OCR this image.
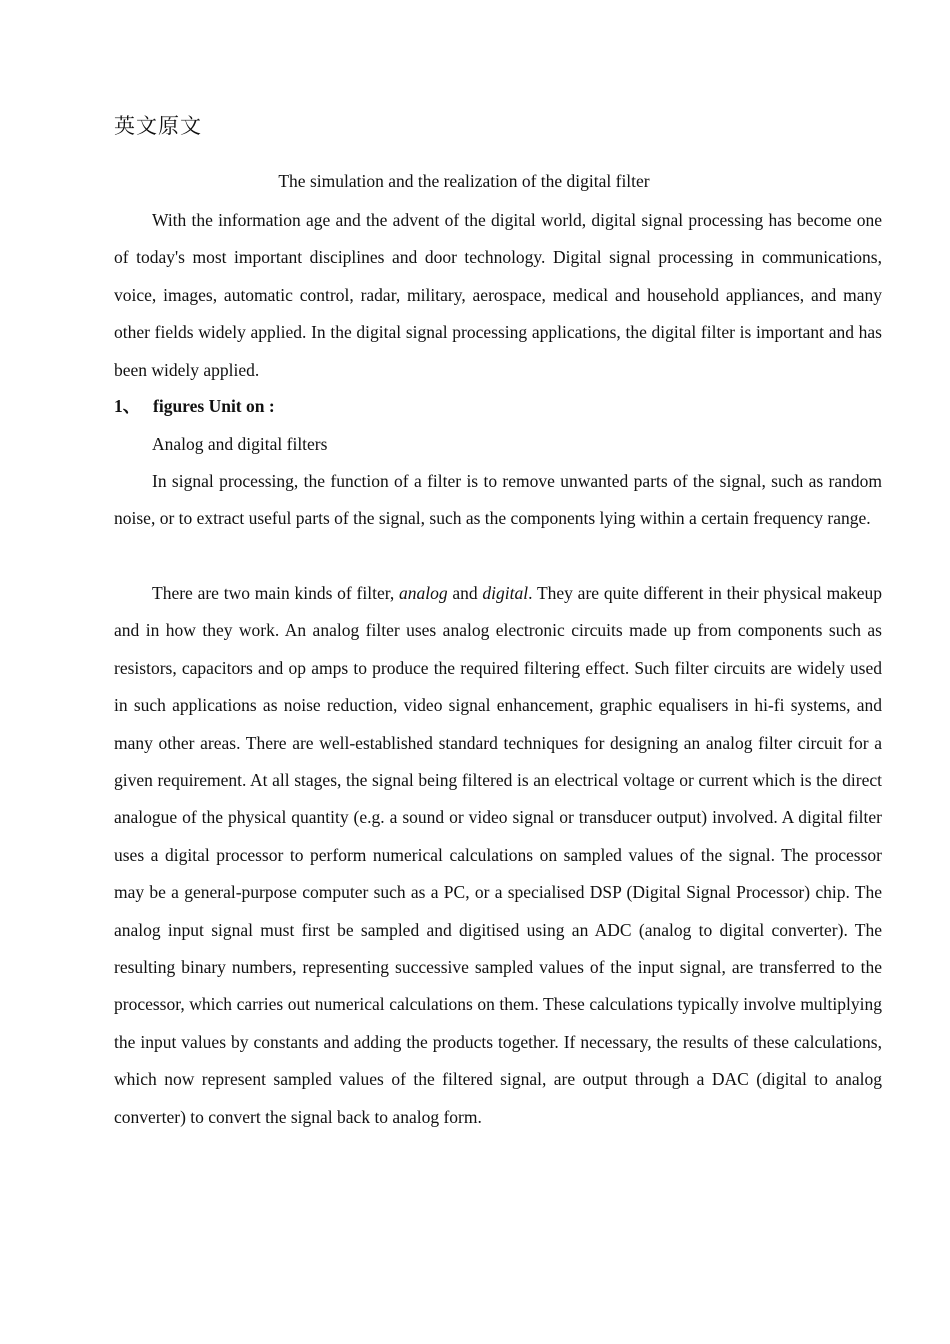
英文原文
The simulation and the realization of the digital filter

With the information age and the advent of the digital world, digital signal processing has become one of today's most important disciplines and door technology. Digital signal processing in communications, voice, images, automatic control, radar, military, aerospace, medical and household appliances, and many other fields widely applied. In the digital signal processing applications, the digital filter is important and has been widely applied.

1、 figures Unit on :
Analog and digital filters

In signal processing, the function of a filter is to remove unwanted parts of the signal, such as random noise, or to extract useful parts of the signal, such as the components lying within a certain frequency range.

There are two main kinds of filter, analog and digital. They are quite different in their physical makeup and in how they work. An analog filter uses analog electronic circuits made up from components such as resistors, capacitors and op amps to produce the required filtering effect. Such filter circuits are widely used in such applications as noise reduction, video signal enhancement, graphic equalisers in hi-fi systems, and many other areas. There are well-established standard techniques for designing an analog filter circuit for a given requirement. At all stages, the signal being filtered is an electrical voltage or current which is the direct analogue of the physical quantity (e.g. a sound or video signal or transducer output) involved. A digital filter uses a digital processor to perform numerical calculations on sampled values of the signal. The processor may be a general-purpose computer such as a PC, or a specialised DSP (Digital Signal Processor) chip. The analog input signal must first be sampled and digitised using an ADC (analog to digital converter). The resulting binary numbers, representing successive sampled values of the input signal, are transferred to the processor, which carries out numerical calculations on them. These calculations typically involve multiplying the input values by constants and adding the products together. If necessary, the results of these calculations, which now represent sampled values of the filtered signal, are output through a DAC (digital to analog converter) to convert the signal back to analog form.
